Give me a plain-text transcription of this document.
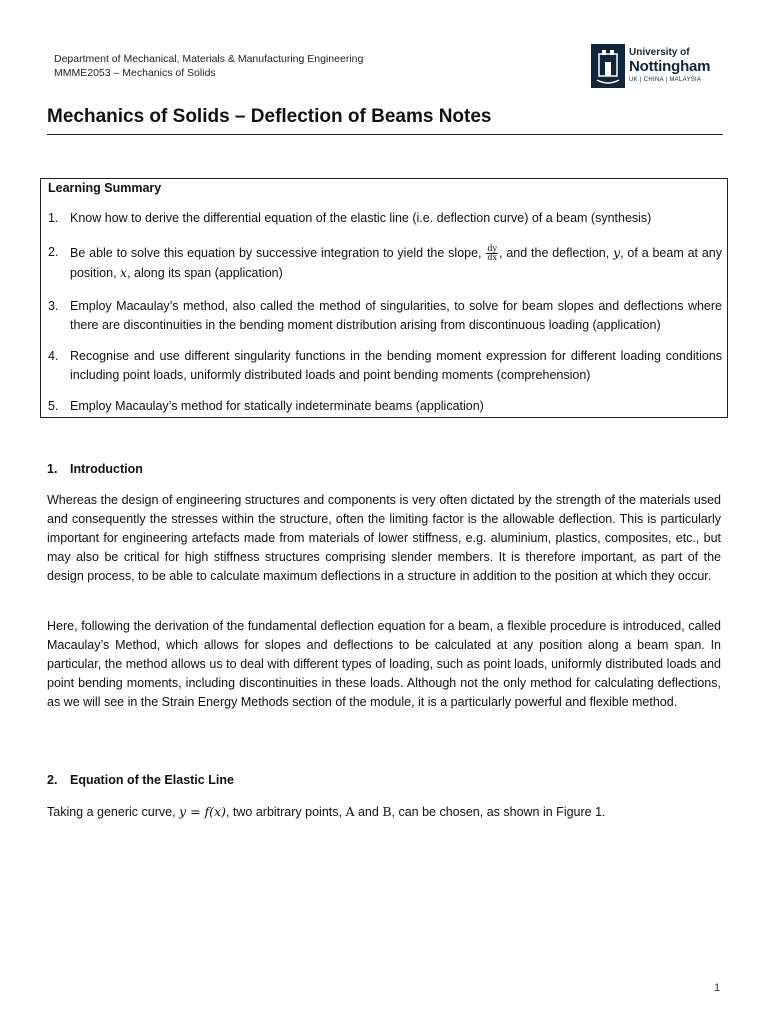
Department of Mechanical, Materials & Manufacturing Engineering
MMME2053 – Mechanics of Solids
University of
Nottingham
UK | CHINA | MALAYSIA
Mechanics of Solids – Deflection of Beams Notes
Learning Summary
1. Know how to derive the differential equation of the elastic line (i.e. deflection curve) of a beam (synthesis)
2. Be able to solve this equation by successive integration to yield the slope, $\frac{dy}{dx}$ , and the deflection, y, of a beam at any position, x, along its span (application)
3. Employ Macaulay’s method, also called the method of singularities, to solve for beam slopes and deflections where there are discontinuities in the bending moment distribution arising from discontinuous loading (application)
4. Recognise and use different singularity functions in the bending moment expression for different loading conditions including point loads, uniformly distributed loads and point bending moments (comprehension)
5. Employ Macaulay’s method for statically indeterminate beams (application)
1. Introduction
Whereas the design of engineering structures and components is very often dictated by the strength of the materials used and consequently the stresses within the structure, often the limiting factor is the allowable deflection. This is particularly important for engineering artefacts made from materials of lower stiffness, e.g. aluminium, plastics, composites, etc., but may also be critical for high stiffness structures comprising slender members. It is therefore important, as part of the design process, to be able to calculate maximum deflections in a structure in addition to the position at which they occur.
Here, following the derivation of the fundamental deflection equation for a beam, a flexible procedure is introduced, called Macaulay’s Method, which allows for slopes and deflections to be calculated at any position along a beam span. In particular, the method allows us to deal with different types of loading, such as point loads, uniformly distributed loads and point bending moments, including discontinuities in these loads. Although not the only method for calculating deflections, as we will see in the Strain Energy Methods section of the module, it is a particularly powerful and flexible method.
2. Equation of the Elastic Line
Taking a generic curve, y = f(x), two arbitrary points, A and B, can be chosen, as shown in Figure 1.
1
